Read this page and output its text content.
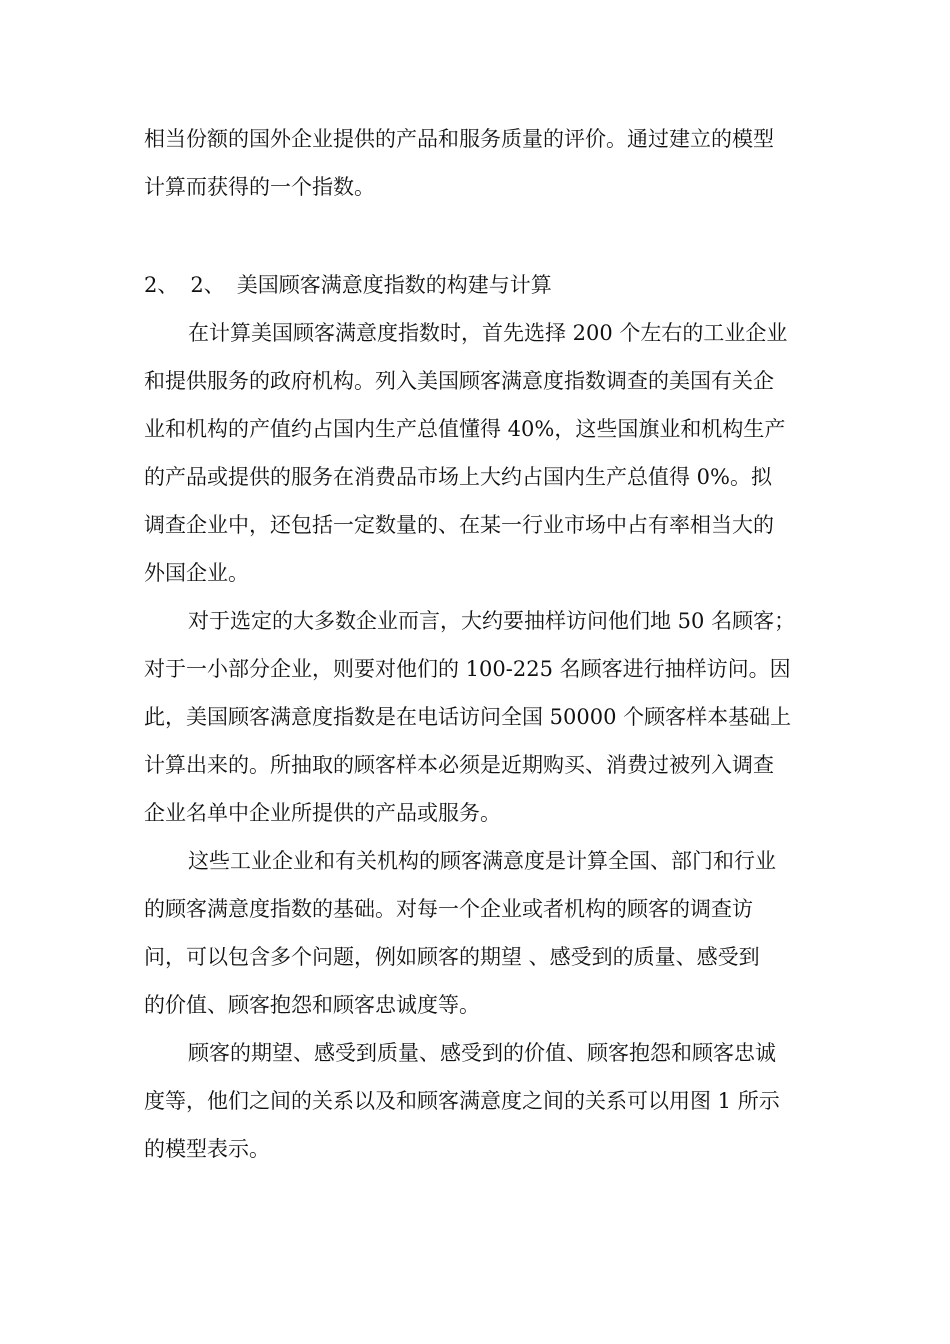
相当份额的国外企业提供的产品和服务质量的评价。通过建立的模型
计算而获得的一个指数。
2、 2、 美国顾客满意度指数的构建与计算
在计算美国顾客满意度指数时，首先选择 200 个左右的工业企业
和提供服务的政府机构。列入美国顾客满意度指数调查的美国有关企
业和机构的产值约占国内生产总值懂得 40%，这些国旗业和机构生产
的产品或提供的服务在消费品市场上大约占国内生产总值得 0%。拟
调查企业中，还包括一定数量的、在某一行业市场中占有率相当大的
外国企业。
对于选定的大多数企业而言，大约要抽样访问他们地 50 名顾客；
对于一小部分企业，则要对他们的 100-225 名顾客进行抽样访问。因
此，美国顾客满意度指数是在电话访问全国 50000 个顾客样本基础上
计算出来的。所抽取的顾客样本必须是近期购买、消费过被列入调查
企业名单中企业所提供的产品或服务。
这些工业企业和有关机构的顾客满意度是计算全国、部门和行业
的顾客满意度指数的基础。对每一个企业或者机构的顾客的调查访
问，可以包含多个问题，例如顾客的期望 、感受到的质量、感受到
的价值、顾客抱怨和顾客忠诚度等。
顾客的期望、感受到质量、感受到的价值、顾客抱怨和顾客忠诚
度等，他们之间的关系以及和顾客满意度之间的关系可以用图 1 所示
的模型表示。
